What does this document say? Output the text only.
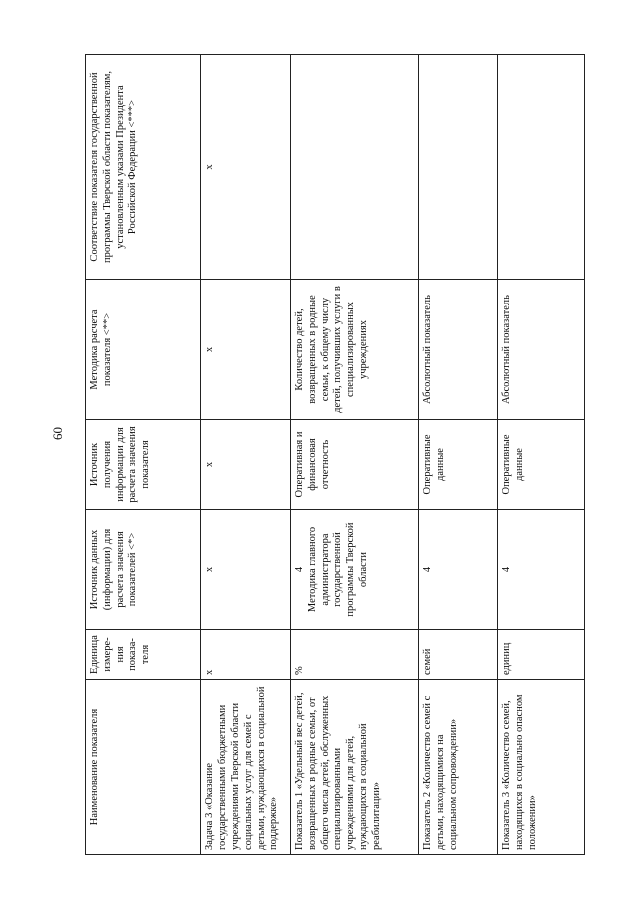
60
Наименование показателя	Единица измере-ния показа-теля	Источник данных (информации) для расчета значения показателей <*>	Источник получения информации для расчета значения показателя	Методика расчета показателя <**>	Соответствие показателя государственной программы Тверской области показателям, установленным указами Президента Российской Федерации <***>
Задача 3 «Оказание государственными бюджетными учреждениями Тверской области социальных услуг для семей с детьми, нуждающихся в социальной поддержке»	х	х	х	х	х
Показатель 1 «Удельный вес детей, возвращенных в родные семьи, от общего числа детей, обслуженных специализированными учреждениями для детей, нуждающихся в социальной реабилитации»	%	4 Методика главного администратора государственной программы Тверской области	Оперативная и финансовая отчетность	Количество детей, возвращенных в родные семьи, к общему числу детей, получивших услуги в специализированных учреждениях	
Показатель 2 «Количество семей с детьми, находящимися на социальном сопровождении»	семей	4	Оперативные данные	Абсолютный показатель	
Показатель 3 «Количество семей, находящихся в социально опасном положении»	единиц	4	Оперативные данные	Абсолютный показатель	
